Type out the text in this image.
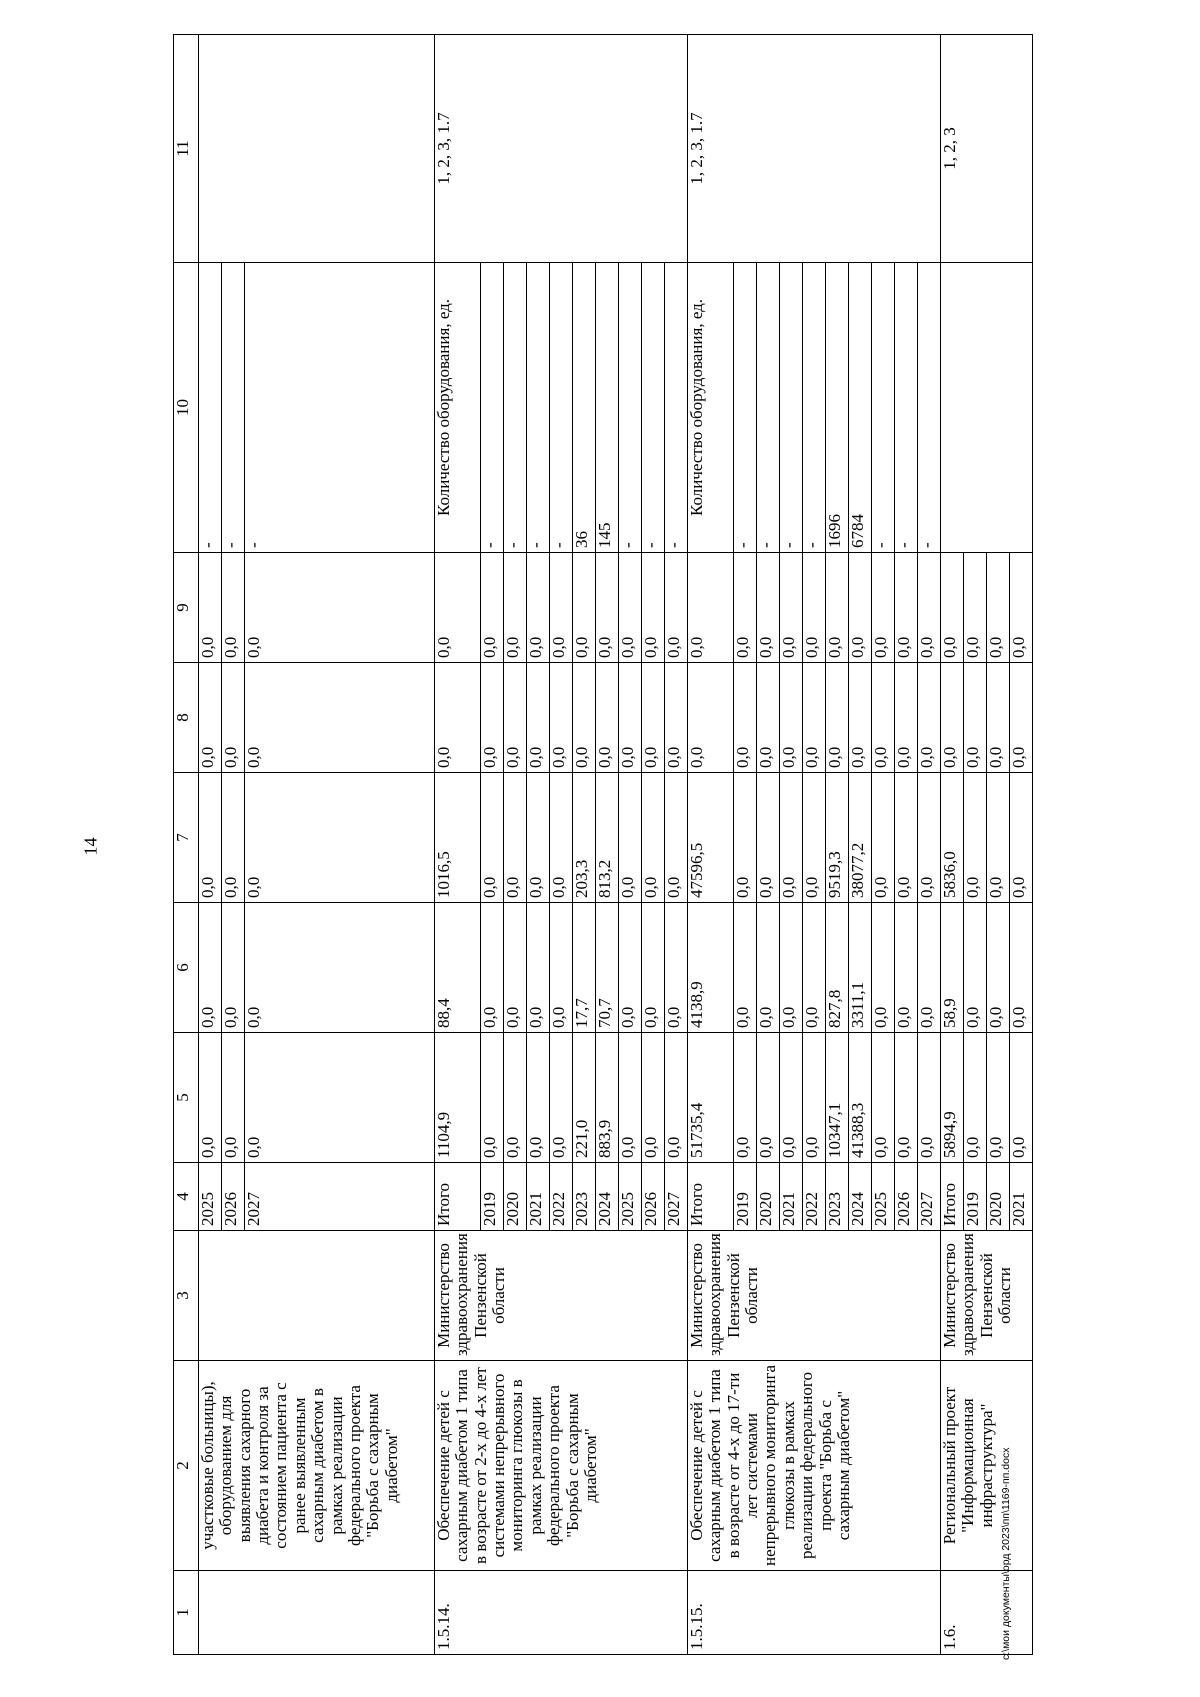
14
1	2	3	4	5	6	7	8	9	10	11
	участковые больницы), оборудованием для выявления сахарного диабета и контроля за состоянием пациента с ранее выявленным сахарным диабетом в рамках реализации федерального проекта "Борьба с сахарным диабетом"		2025	0,0	0,0	0,0	0,0	0,0	-	
			2026	0,0	0,0	0,0	0,0	0,0	-	
			2027	0,0	0,0	0,0	0,0	0,0	-	
1.5.14.	Обеспечение детей с сахарным диабетом 1 типа в возрасте от 2-х до 4-х лет системами непрерывного мониторинга глюкозы в рамках реализации федерального проекта "Борьба с сахарным диабетом"	Министерство здравоохранения Пензенской области	Итого	1104,9	88,4	1016,5	0,0	0,0	Количество оборудования, ед.	1, 2, 3, 1.7
			2019	0,0	0,0	0,0	0,0	0,0	-	
			2020	0,0	0,0	0,0	0,0	0,0	-	
			2021	0,0	0,0	0,0	0,0	0,0	-	
			2022	0,0	0,0	0,0	0,0	0,0	-	
			2023	221,0	17,7	203,3	0,0	0,0	36	
			2024	883,9	70,7	813,2	0,0	0,0	145	
			2025	0,0	0,0	0,0	0,0	0,0	-	
			2026	0,0	0,0	0,0	0,0	0,0	-	
			2027	0,0	0,0	0,0	0,0	0,0	-	
1.5.15.	Обеспечение детей с сахарным диабетом 1 типа в возрасте от 4-х до 17-ти лет системами непрерывного мониторинга глюкозы в рамках реализации федерального проекта "Борьба с сахарным диабетом"	Министерство здравоохранения Пензенской области	Итого	51735,4	4138,9	47596,5	0,0	0,0	Количество оборудования, ед.	1, 2, 3, 1.7
			2019	0,0	0,0	0,0	0,0	0,0	-	
			2020	0,0	0,0	0,0	0,0	0,0	-	
			2021	0,0	0,0	0,0	0,0	0,0	-	
			2022	0,0	0,0	0,0	0,0	0,0	-	
			2023	10347,1	827,8	9519,3	0,0	0,0	1696	
			2024	41388,3	3311,1	38077,2	0,0	0,0	6784	
			2025	0,0	0,0	0,0	0,0	0,0	-	
			2026	0,0	0,0	0,0	0,0	0,0	-	
			2027	0,0	0,0	0,0	0,0	0,0	-	
1.6.	Региональный проект "Информационная инфраструктура"	Министерство здравоохранения Пензенской области	Итого	5894,9	58,9	5836,0	0,0	0,0		1, 2, 3
			2019	0,0	0,0	0,0	0,0	0,0		
			2020	0,0	0,0	0,0	0,0	0,0		
			2021	0,0	0,0	0,0	0,0	0,0		
c:\мои документы\орд 2023\пп\1169-пп.docx
